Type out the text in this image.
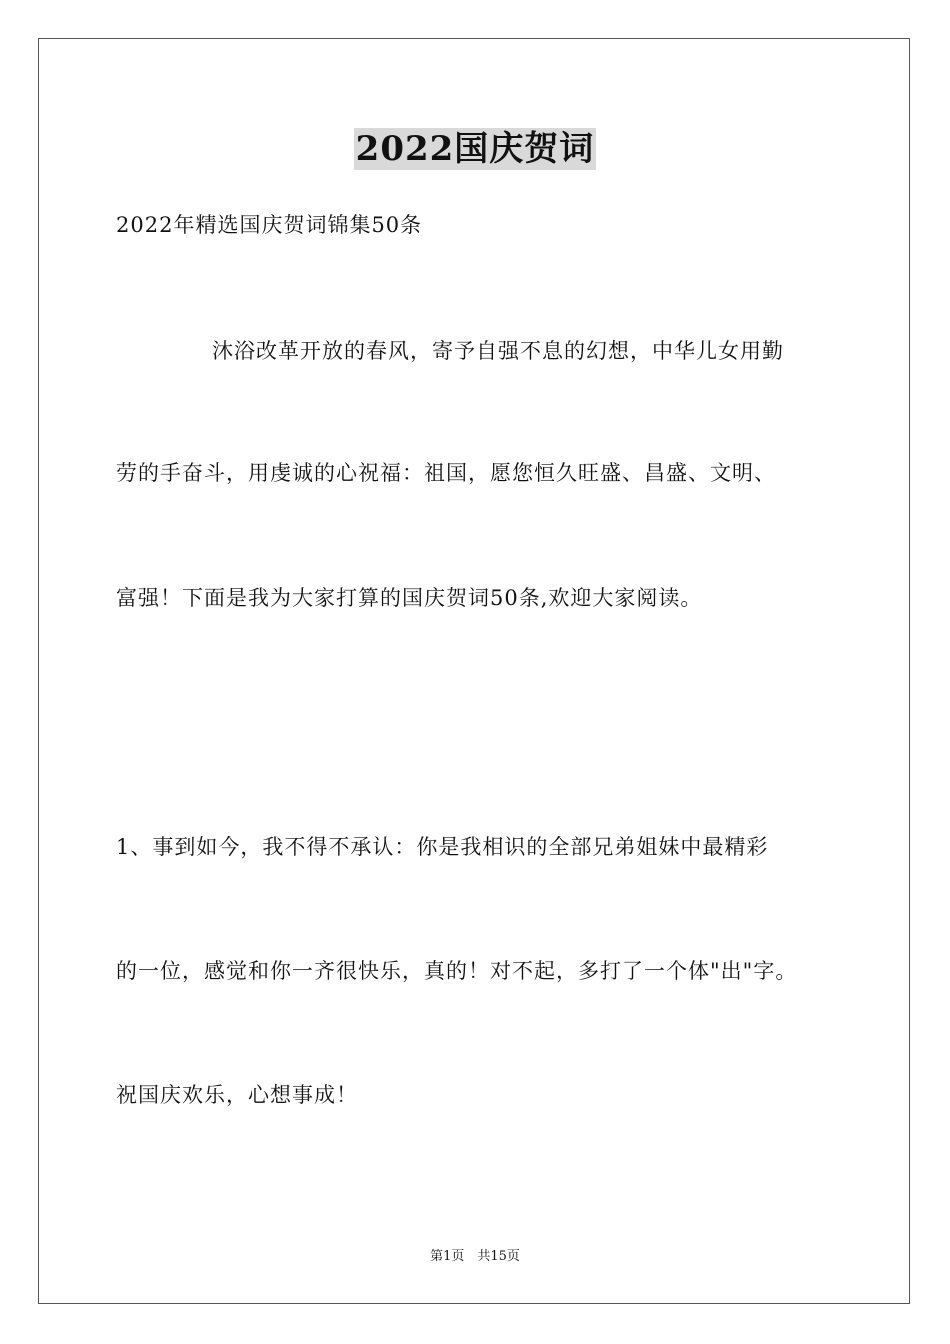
2022国庆贺词
2022年精选国庆贺词锦集50条
沐浴改革开放的春风，寄予自强不息的幻想，中华儿女用勤
劳的手奋斗，用虔诚的心祝福：祖国，愿您恒久旺盛、昌盛、文明、
富强！下面是我为大家打算的国庆贺词50条,欢迎大家阅读。
1、事到如今，我不得不承认：你是我相识的全部兄弟姐妹中最精彩
的一位，感觉和你一齐很快乐，真的！对不起，多打了一个体"出"字。
祝国庆欢乐，心想事成！
第1页　共15页
